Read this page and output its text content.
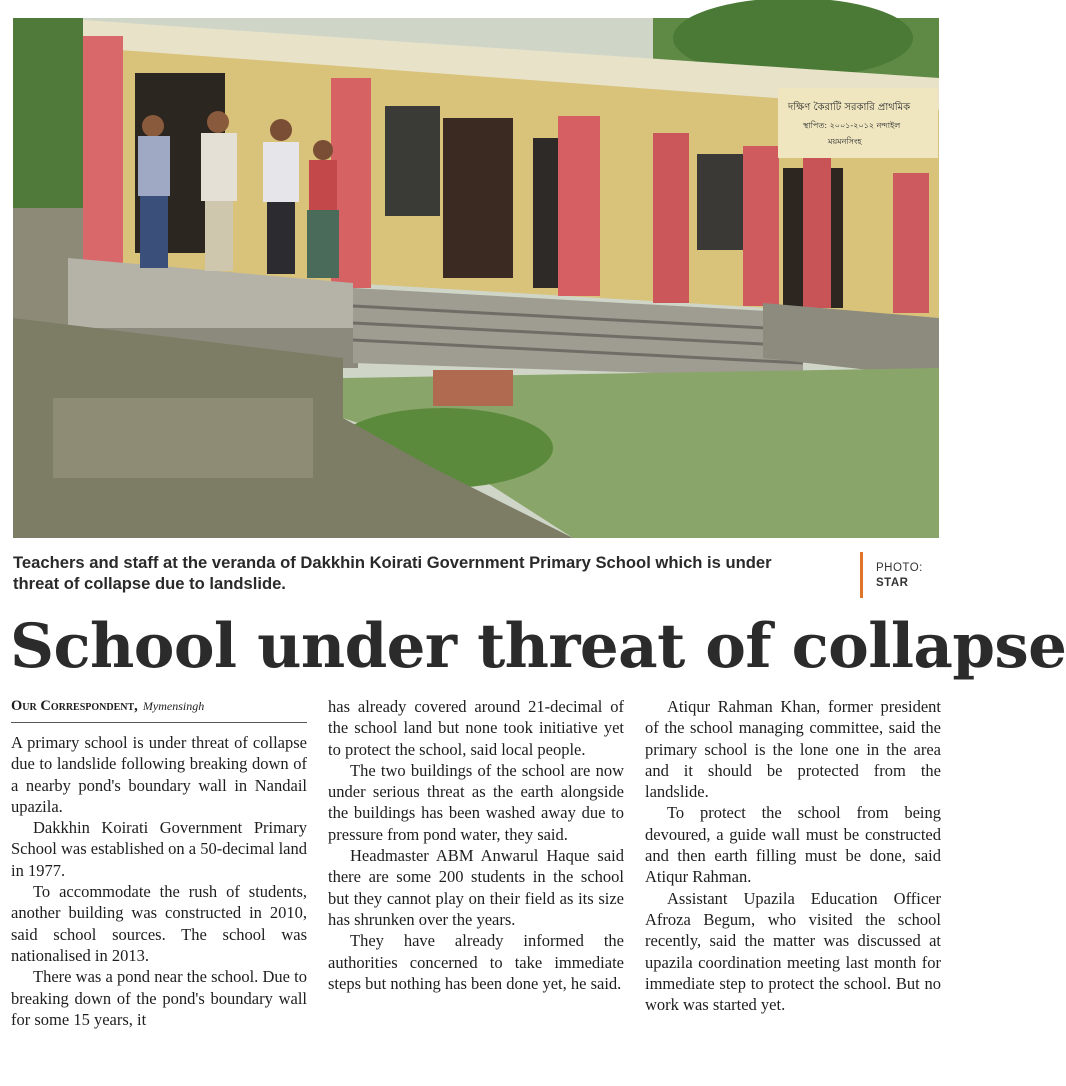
দক্ষিণ কৈরাটি সরকারি প্রাথমিক
স্থাপিত: ২০০১-২০১২ নন্দাইল
ময়মনসিংহ
Teachers and staff at the veranda of Dakkhin Koirati Government Primary School which is under threat of collapse due to landslide.
PHOTO:
STAR
School under threat of collapse
Our Correspondent, Mymensingh

A primary school is under threat of collapse due to landslide following breaking down of a nearby pond's boundary wall in Nandail upazila.

Dakkhin Koirati Government Primary School was established on a 50-decimal land in 1977.

To accommodate the rush of students, another building was constructed in 2010, said school sources. The school was nationalised in 2013.

There was a pond near the school. Due to breaking down of the pond's boundary wall for some 15 years, it

has already covered around 21-decimal of the school land but none took initiative yet to protect the school, said local people.

The two buildings of the school are now under serious threat as the earth alongside the buildings has been washed away due to pressure from pond water, they said.

Headmaster ABM Anwarul Haque said there are some 200 students in the school but they cannot play on their field as its size has shrunken over the years.

They have already informed the authorities concerned to take immediate steps but nothing has been done yet, he said.

Atiqur Rahman Khan, former president of the school managing committee, said the primary school is the lone one in the area and it should be protected from the landslide.

To protect the school from being devoured, a guide wall must be constructed and then earth filling must be done, said Atiqur Rahman.

Assistant Upazila Education Officer Afroza Begum, who visited the school recently, said the matter was discussed at upazila coordination meeting last month for immediate step to protect the school. But no work was started yet.
